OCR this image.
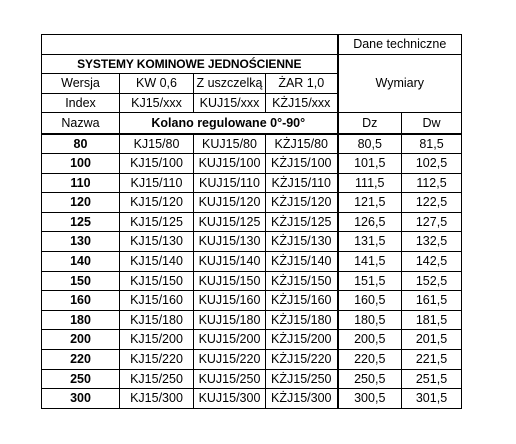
				Dane techniczne	
SYSTEMY KOMINOWE JEDNOŚCIENNE				Wymiary	
Wersja	KW 0,6	Z uszczelką	ŻAR 1,0		
Index	KJ15/xxx	KUJ15/xxx	KŻJ15/xxx		
Nazwa	Kolano regulowane 0°-90°			Dz	Dw
80	KJ15/80	KUJ15/80	KŻJ15/80	80,5	81,5
100	KJ15/100	KUJ15/100	KŻJ15/100	101,5	102,5
110	KJ15/110	KUJ15/110	KŻJ15/110	111,5	112,5
120	KJ15/120	KUJ15/120	KŻJ15/120	121,5	122,5
125	KJ15/125	KUJ15/125	KŻJ15/125	126,5	127,5
130	KJ15/130	KUJ15/130	KŻJ15/130	131,5	132,5
140	KJ15/140	KUJ15/140	KŻJ15/140	141,5	142,5
150	KJ15/150	KUJ15/150	KŻJ15/150	151,5	152,5
160	KJ15/160	KUJ15/160	KŻJ15/160	160,5	161,5
180	KJ15/180	KUJ15/180	KŻJ15/180	180,5	181,5
200	KJ15/200	KUJ15/200	KŻJ15/200	200,5	201,5
220	KJ15/220	KUJ15/220	KŻJ15/220	220,5	221,5
250	KJ15/250	KUJ15/250	KŻJ15/250	250,5	251,5
300	KJ15/300	KUJ15/300	KŻJ15/300	300,5	301,5
